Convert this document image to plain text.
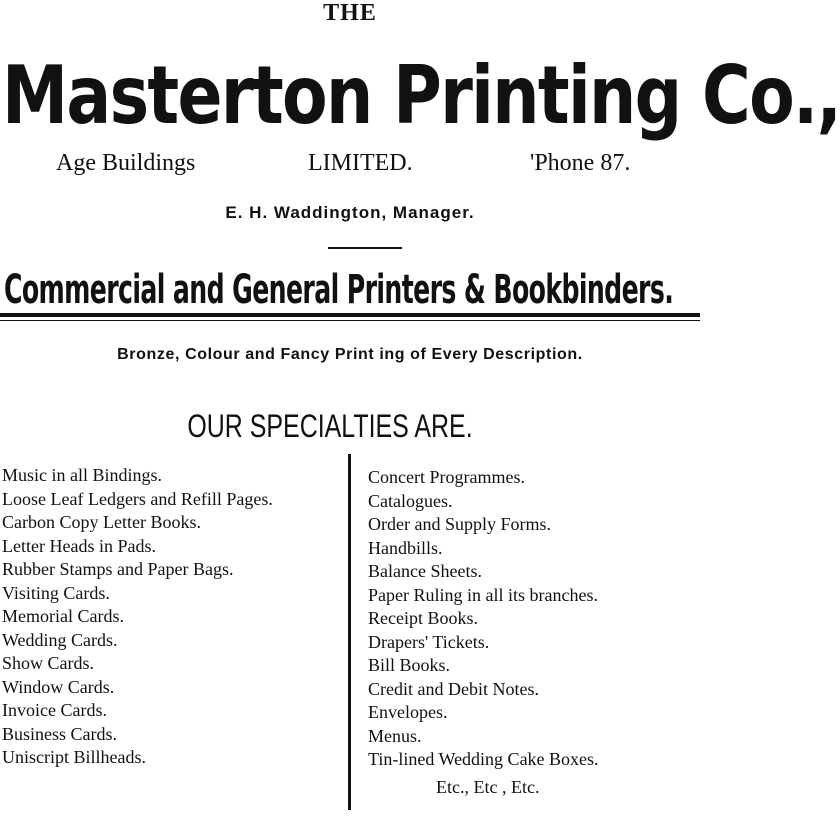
THE
Masterton Printing Co.,
Age Buildings	LIMITED.	'Phone 87.
E. H. Waddington, Manager.
Commercial and General Printers & Bookbinders.
Bronze, Colour and Fancy Print ing of Every Description.
OUR SPECIALTIES ARE.
Music in all Bindings.
Loose Leaf Ledgers and Refill Pages.
Carbon Copy Letter Books.
Letter Heads in Pads.
Rubber Stamps and Paper Bags.
Visiting Cards.
Memorial Cards.
Wedding Cards.
Show Cards.
Window Cards.
Invoice Cards.
Business Cards.
Uniscript Billheads.
Concert Programmes.
Catalogues.
Order and Supply Forms.
Handbills.
Balance Sheets.
Paper Ruling in all its branches.
Receipt Books.
Drapers' Tickets.
Bill Books.
Credit and Debit Notes.
Envelopes.
Menus.
Tin-lined Wedding Cake Boxes.
Etc., Etc , Etc.
